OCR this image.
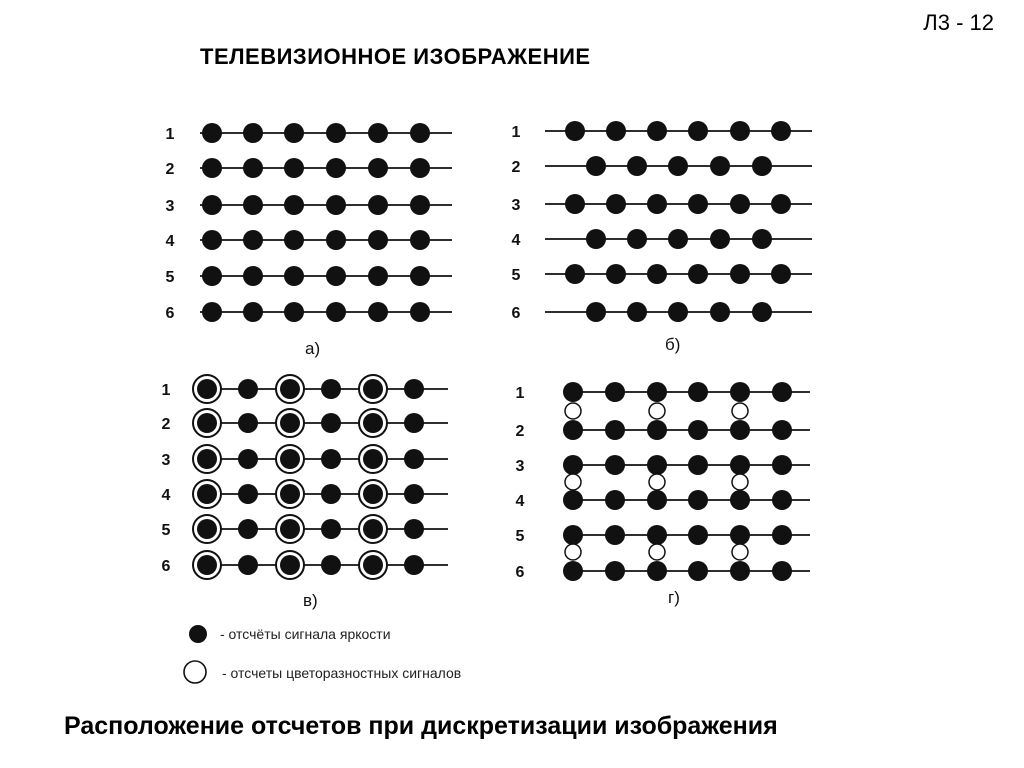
Л3 - 12
ТЕЛЕВИЗИОННОЕ ИЗОБРАЖЕНИЕ
1
2
3
4
5
6
а)
1
2
3
4
5
6
б)
1
2
3
4
5
6
в)
1
2
3
4
5
6
г)
- отсчёты сигнала яркости
- отсчеты цветоразностных сигналов
Расположение отсчетов при дискретизации изображения
